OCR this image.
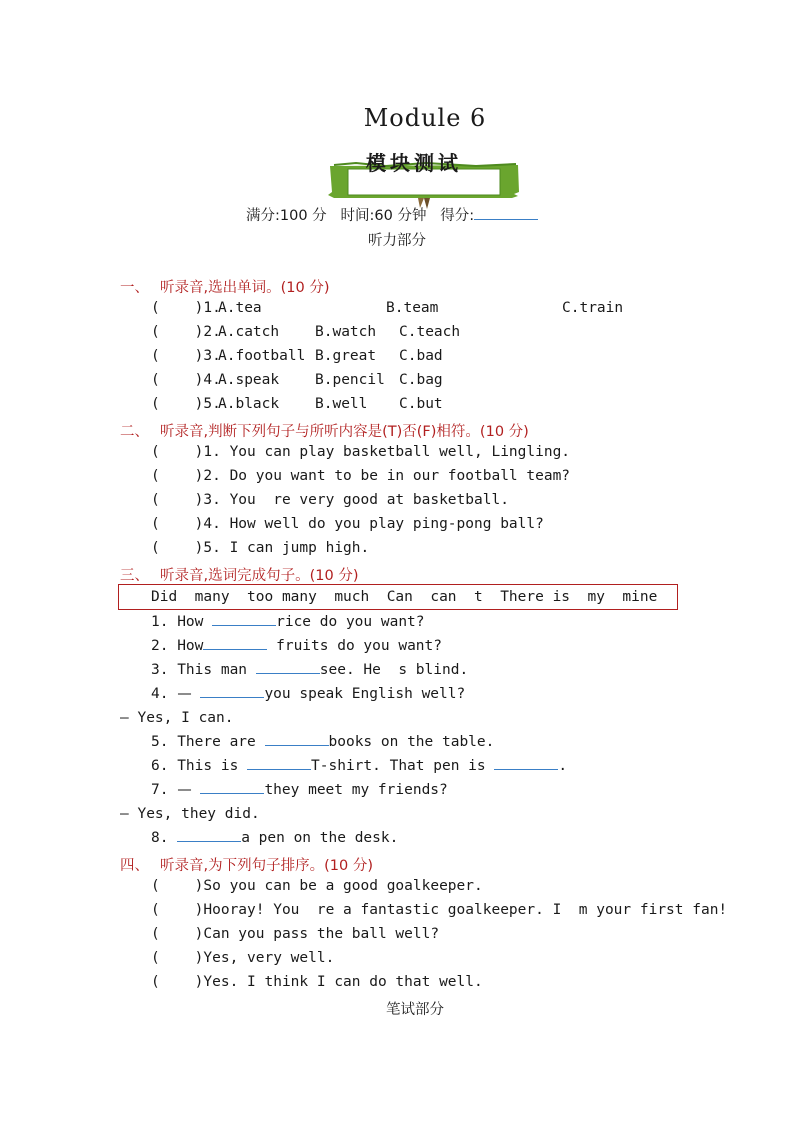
Module 6

模块测试

满分:100 分 时间:60 分钟 得分:
听力部分
一、 听录音,选出单词。(10 分)
(    )1.
A.tea	B.team	C.train
(    )2.
A.catch B.watch C.teach
(    )3.
A.football B.great C.bad
(    )4.
A.speak B.pencil C.bag
(    )5.
A.black B.well C.but
二、 听录音,判断下列句子与所听内容是(T)否(F)相符。(10 分)
(    )1. You can play basketball well, Lingling.
(    )2. Do you want to be in our football team?
(    )3. You  re very good at basketball.
(    )4. How well do you play ping-pong ball?
(    )5. I can jump high.
三、 听录音,选词完成句子。(10 分)
Did  many  too many  much  Can  can  t  There is  my  mine
1. How	rice do you want?
2. How	fruits do you want?
3. This man	see. He  s blind.
4. —	you speak English well?
— Yes, I can.
5. There are	books on the table.
6. This is	T-shirt. That pen is	.
7. —	they meet my friends?
— Yes, they did.
8.	a pen on the desk.
四、 听录音,为下列句子排序。(10 分)
(    )So you can be a good goalkeeper.
(    )Hooray! You  re a fantastic goalkeeper. I  m your first fan!
(    )Can you pass the ball well?
(    )Yes, very well.
(    )Yes. I think I can do that well.
笔试部分
